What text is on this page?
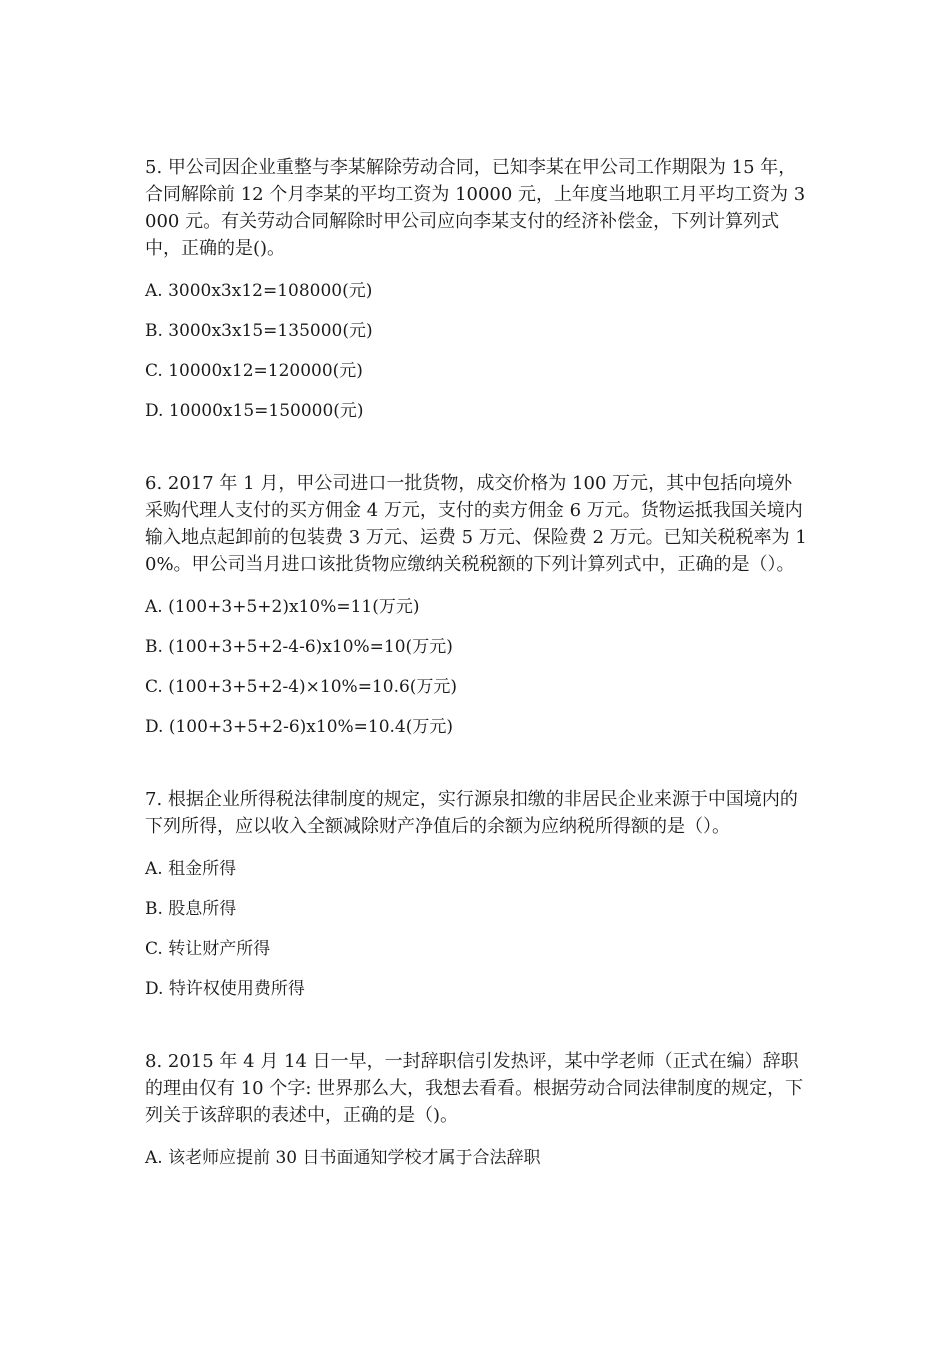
5. 甲公司因企业重整与李某解除劳动合同，已知李某在甲公司工作期限为 15 年，合同解除前 12 个月李某的平均工资为 10000 元，上年度当地职工月平均工资为 3000 元。有关劳动合同解除时甲公司应向李某支付的经济补偿金，下列计算列式中，正确的是()。

A. 3000x3x12=108000(元)

B. 3000x3x15=135000(元)

C. 10000x12=120000(元)

D. 10000x15=150000(元)

6. 2017 年 1 月，甲公司进口一批货物，成交价格为 100 万元，其中包括向境外采购代理人支付的买方佣金 4 万元，支付的卖方佣金 6 万元。货物运抵我国关境内输入地点起卸前的包装费 3 万元、运费 5 万元、保险费 2 万元。已知关税税率为 10%。甲公司当月进口该批货物应缴纳关税税额的下列计算列式中，正确的是（）。

A. (100+3+5+2)x10%=11(万元)

B. (100+3+5+2-4-6)x10%=10(万元)

C. (100+3+5+2-4)×10%=10.6(万元)

D. (100+3+5+2-6)x10%=10.4(万元)

7. 根据企业所得税法律制度的规定，实行源泉扣缴的非居民企业来源于中国境内的下列所得，应以收入全额减除财产净值后的余额为应纳税所得额的是（）。

A. 租金所得

B. 股息所得

C. 转让财产所得

D. 特许权使用费所得

8. 2015 年 4 月 14 日一早，一封辞职信引发热评，某中学老师（正式在编）辞职的理由仅有 10 个字: 世界那么大，我想去看看。根据劳动合同法律制度的规定，下列关于该辞职的表述中，正确的是（)。

A. 该老师应提前 30 日书面通知学校才属于合法辞职
